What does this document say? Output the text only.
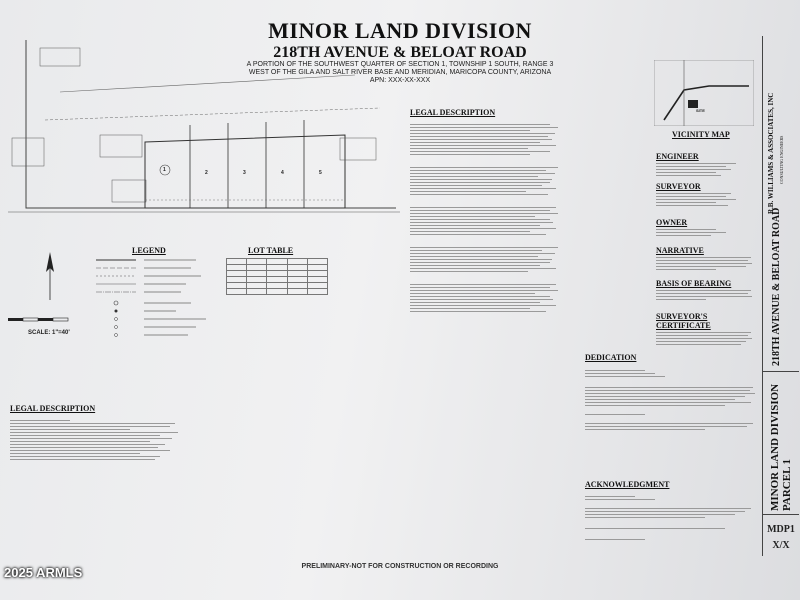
MINOR LAND DIVISION
218TH AVENUE & BELOAT ROAD
A PORTION OF THE SOUTHWEST QUARTER OF SECTION 1, TOWNSHIP 1 SOUTH, RANGE 3
WEST OF THE GILA AND SALT RIVER BASE AND MERIDIAN, MARICOPA COUNTY, ARIZONA
APN: XXX-XX-XXX
1	2	3	4	5
LEGEND
SCALE: 1"=40'
LOT TABLE

LEGAL DESCRIPTION
LEGAL DESCRIPTION
DEDICATION
ACKNOWLEDGMENT
SITE
VICINITY MAP
ENGINEER
SURVEYOR
OWNER
NARRATIVE
BASIS OF BEARING
SURVEYOR'S CERTIFICATE
R.B. WILLIAMS & ASSOCIATES, INC CONSULTING ENGINEERS
218TH AVENUE & BELOAT ROAD
MINOR LAND DIVISION PARCEL 1
MDP1
X/X
PRELIMINARY-NOT FOR CONSTRUCTION OR RECORDING
2025 ARMLS
